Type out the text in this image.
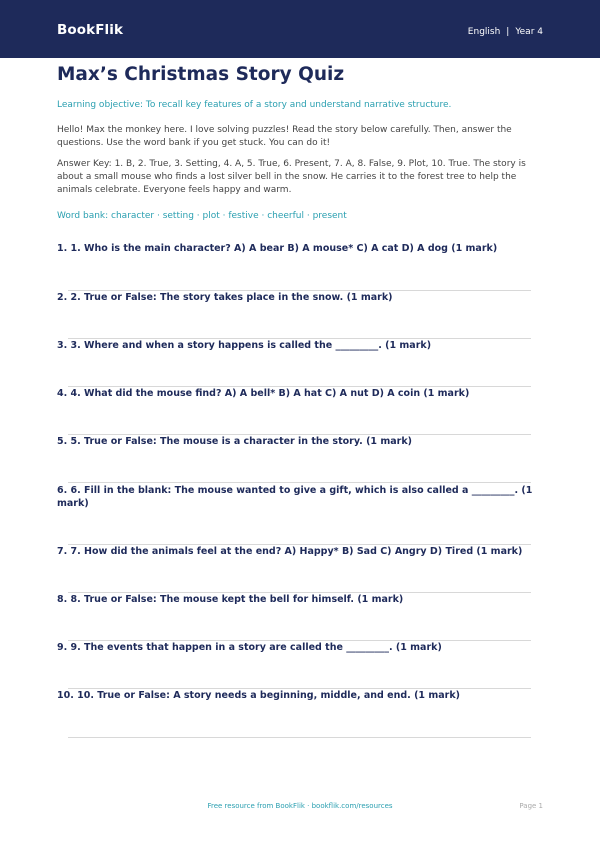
BookFlik	English | Year 4
Max’s Christmas Story Quiz
Learning objective: To recall key features of a story and understand narrative structure.
Hello! Max the monkey here. I love solving puzzles! Read the story below carefully. Then, answer the questions. Use the word bank if you get stuck. You can do it!
Answer Key: 1. B, 2. True, 3. Setting, 4. A, 5. True, 6. Present, 7. A, 8. False, 9. Plot, 10. True. The story is about a small mouse who finds a lost silver bell in the snow. He carries it to the forest tree to help the animals celebrate. Everyone feels happy and warm.
Word bank: character · setting · plot · festive · cheerful · present
1. 1. Who is the main character? A) A bear B) A mouse* C) A cat D) A dog (1 mark)
2. 2. True or False: The story takes place in the snow. (1 mark)
3. 3. Where and when a story happens is called the _________. (1 mark)
4. 4. What did the mouse find? A) A bell* B) A hat C) A nut D) A coin (1 mark)
5. 5. True or False: The mouse is a character in the story. (1 mark)
6. 6. Fill in the blank: The mouse wanted to give a gift, which is also called a _________. (1 mark)
7. 7. How did the animals feel at the end? A) Happy* B) Sad C) Angry D) Tired (1 mark)
8. 8. True or False: The mouse kept the bell for himself. (1 mark)
9. 9. The events that happen in a story are called the _________. (1 mark)
10. 10. True or False: A story needs a beginning, middle, and end. (1 mark)
Free resource from BookFlik · bookflik.com/resources	Page 1
